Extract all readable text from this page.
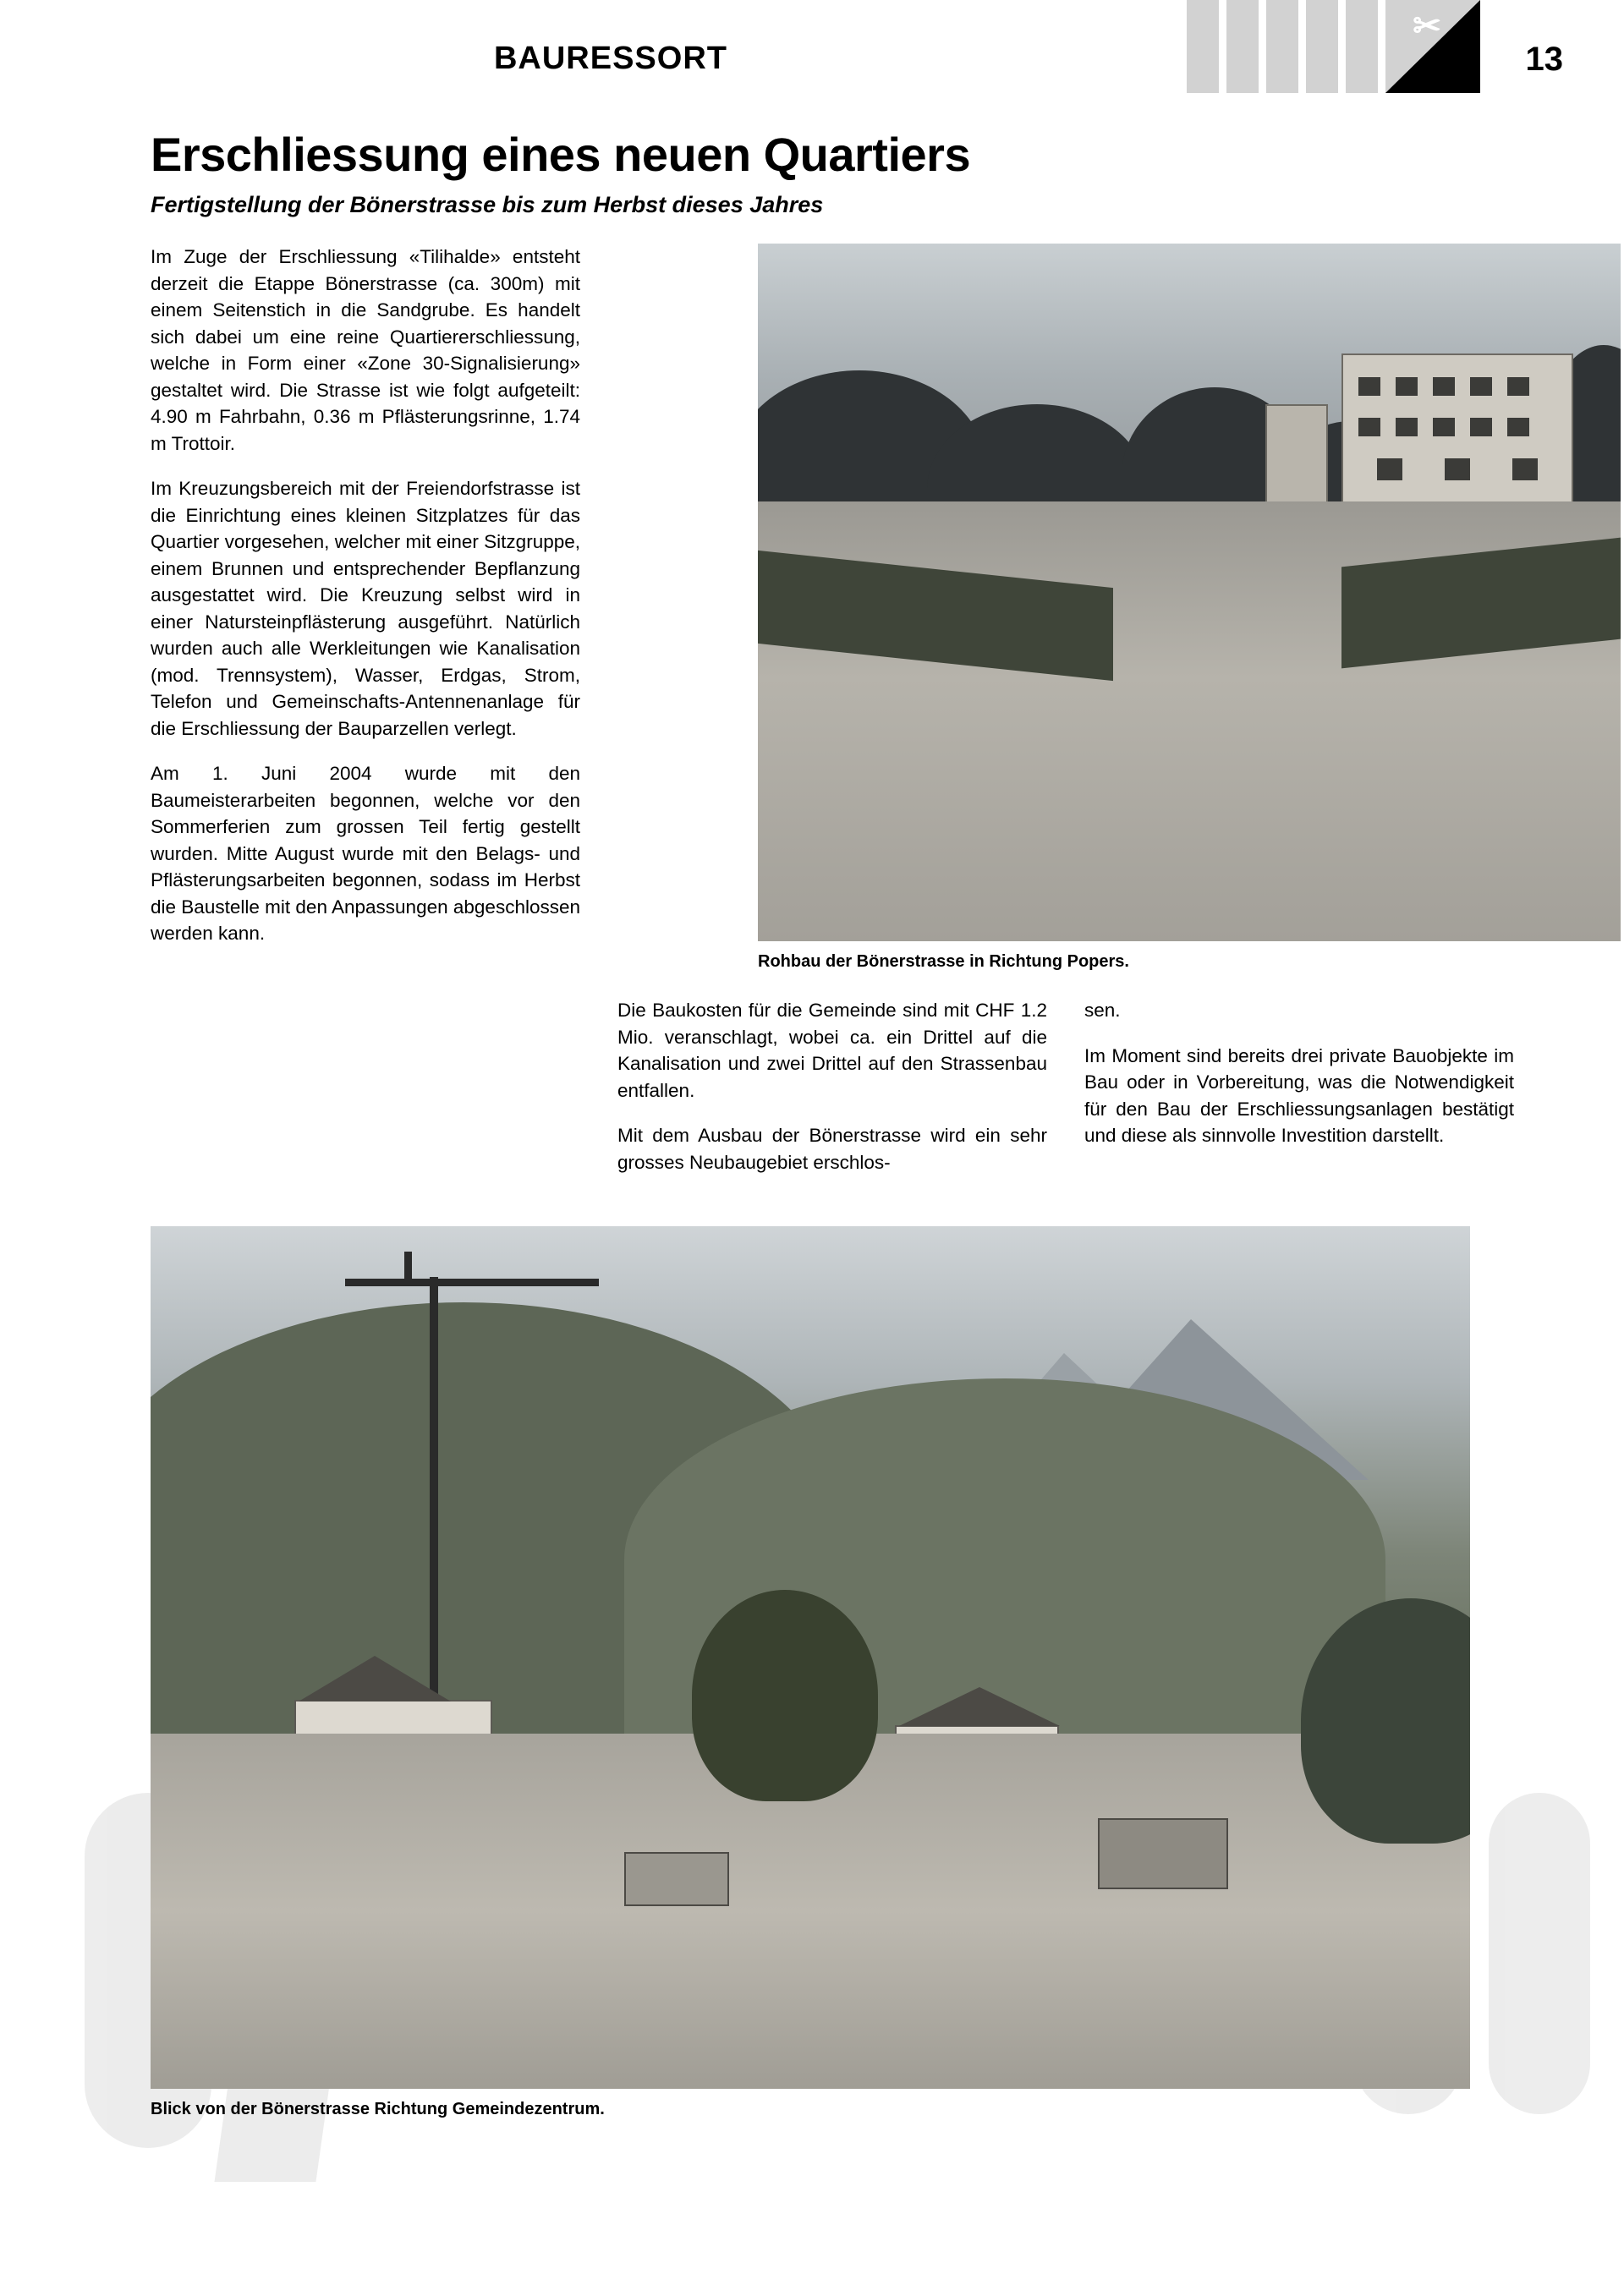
BAURESSORT
✂
13
Erschliessung eines neuen Quartiers
Fertigstellung der Bönerstrasse bis zum Herbst dieses Jahres

Im Zuge der Erschliessung «Tilihalde» entsteht derzeit die Etappe Bönerstrasse (ca. 300m) mit einem Seitenstich in die Sandgrube. Es handelt sich dabei um eine reine Quartiererschliessung, welche in Form einer «Zone 30-Signalisierung» gestaltet wird. Die Strasse ist wie folgt aufgeteilt: 4.90 m Fahrbahn, 0.36 m Pflästerungsrinne, 1.74 m Trottoir.

Im Kreuzungsbereich mit der Freiendorfstrasse ist die Einrichtung eines kleinen Sitzplatzes für das Quartier vorgesehen, welcher mit einer Sitzgruppe, einem Brunnen und entsprechender Bepflanzung ausgestattet wird. Die Kreuzung selbst wird in einer Natursteinpflästerung ausgeführt. Natürlich wurden auch alle Werkleitungen wie Kanalisation (mod. Trennsystem), Wasser, Erdgas, Strom, Telefon und Gemeinschafts-Antennenanlage für die Erschliessung der Bauparzellen verlegt.

Am 1. Juni 2004 wurde mit den Baumeisterarbeiten begonnen, welche vor den Sommerferien zum grossen Teil fertig gestellt wurden. Mitte August wurde mit den Belags- und Pflästerungsarbeiten begonnen, sodass im Herbst die Baustelle mit den Anpassungen abgeschlossen werden kann.

Rohbau der Bönerstrasse in Richtung Popers.

Die Baukosten für die Gemeinde sind mit CHF 1.2 Mio. veranschlagt, wobei ca. ein Drittel auf die Kanalisation und zwei Drittel auf den Strassenbau entfallen.

Mit dem Ausbau der Bönerstrasse wird ein sehr grosses Neubaugebiet erschlos-

sen.

Im Moment sind bereits drei private Bauobjekte im Bau oder in Vorbereitung, was die Notwendigkeit für den Bau der Erschliessungsanlagen bestätigt und diese als sinnvolle Investition darstellt.

Blick von der Bönerstrasse Richtung Gemeindezentrum.
